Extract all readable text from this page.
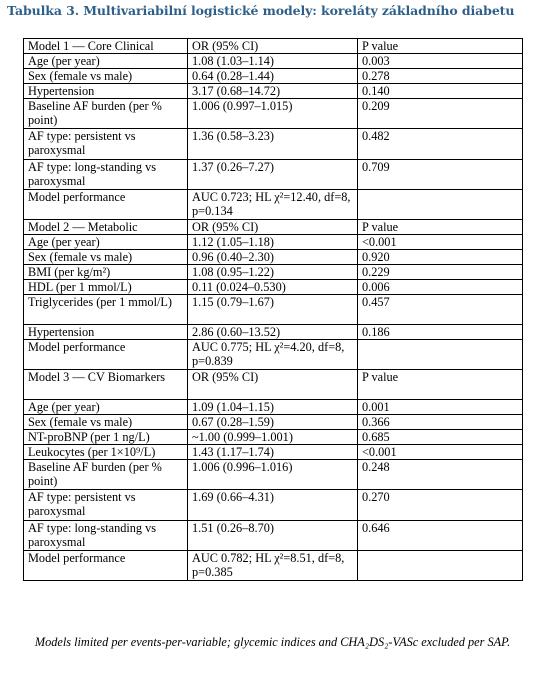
Tabulka 3. Multivariabilní logistické modely: koreláty základního diabetu
Model 1 — Core Clinical	OR (95% CI)	P value
Age (per year)	1.08 (1.03–1.14)	0.003
Sex (female vs male)	0.64 (0.28–1.44)	0.278
Hypertension	3.17 (0.68–14.72)	0.140
Baseline AF burden (per % point)	1.006 (0.997–1.015)	0.209
AF type: persistent vs paroxysmal	1.36 (0.58–3.23)	0.482
AF type: long-standing vs paroxysmal	1.37 (0.26–7.27)	0.709
Model performance	AUC 0.723; HL χ²=12.40, df=8, p=0.134	
Model 2 — Metabolic	OR (95% CI)	P value
Age (per year)	1.12 (1.05–1.18)	<0.001
Sex (female vs male)	0.96 (0.40–2.30)	0.920
BMI (per kg/m²)	1.08 (0.95–1.22)	0.229
HDL (per 1 mmol/L)	0.11 (0.024–0.530)	0.006
Triglycerides (per 1 mmol/L)	1.15 (0.79–1.67)	0.457
Hypertension	2.86 (0.60–13.52)	0.186
Model performance	AUC 0.775; HL χ²=4.20, df=8, p=0.839	
Model 3 — CV Biomarkers	OR (95% CI)	P value
Age (per year)	1.09 (1.04–1.15)	0.001
Sex (female vs male)	0.67 (0.28–1.59)	0.366
NT-proBNP (per 1 ng/L)	~1.00 (0.999–1.001)	0.685
Leukocytes (per 1×10⁹/L)	1.43 (1.17–1.74)	<0.001
Baseline AF burden (per % point)	1.006 (0.996–1.016)	0.248
AF type: persistent vs paroxysmal	1.69 (0.66–4.31)	0.270
AF type: long-standing vs paroxysmal	1.51 (0.26–8.70)	0.646
Model performance	AUC 0.782; HL χ²=8.51, df=8, p=0.385	
Models limited per events-per-variable; glycemic indices and CHA₂DS₂-VASc excluded per SAP.
